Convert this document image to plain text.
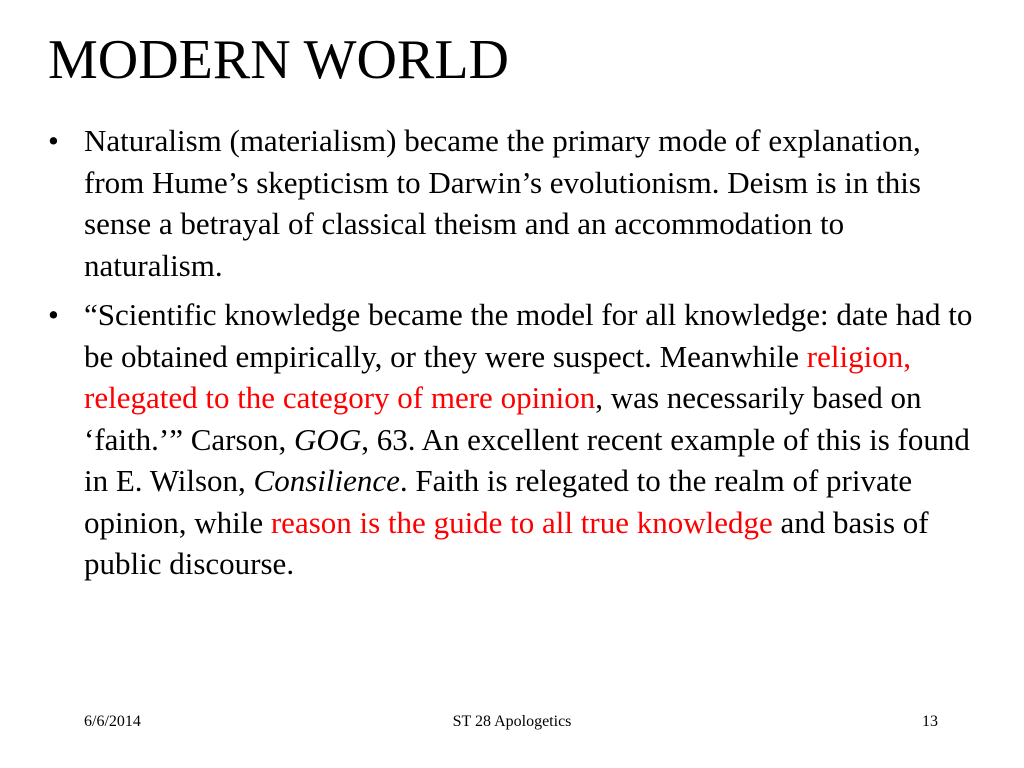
MODERN WORLD
• Naturalism (materialism) became the primary mode of explanation, from Hume’s skepticism to Darwin’s evolutionism. Deism is in this sense a betrayal of classical theism and an accommodation to naturalism.
• “Scientific knowledge became the model for all knowledge: date had to be obtained empirically, or they were suspect. Meanwhile religion, relegated to the category of mere opinion, was necessarily based on ‘faith.’” Carson, GOG, 63. An excellent recent example of this is found in E. Wilson, Consilience. Faith is relegated to the realm of private opinion, while reason is the guide to all true knowledge and basis of public discourse.
6/6/2014	ST 28 Apologetics	13
